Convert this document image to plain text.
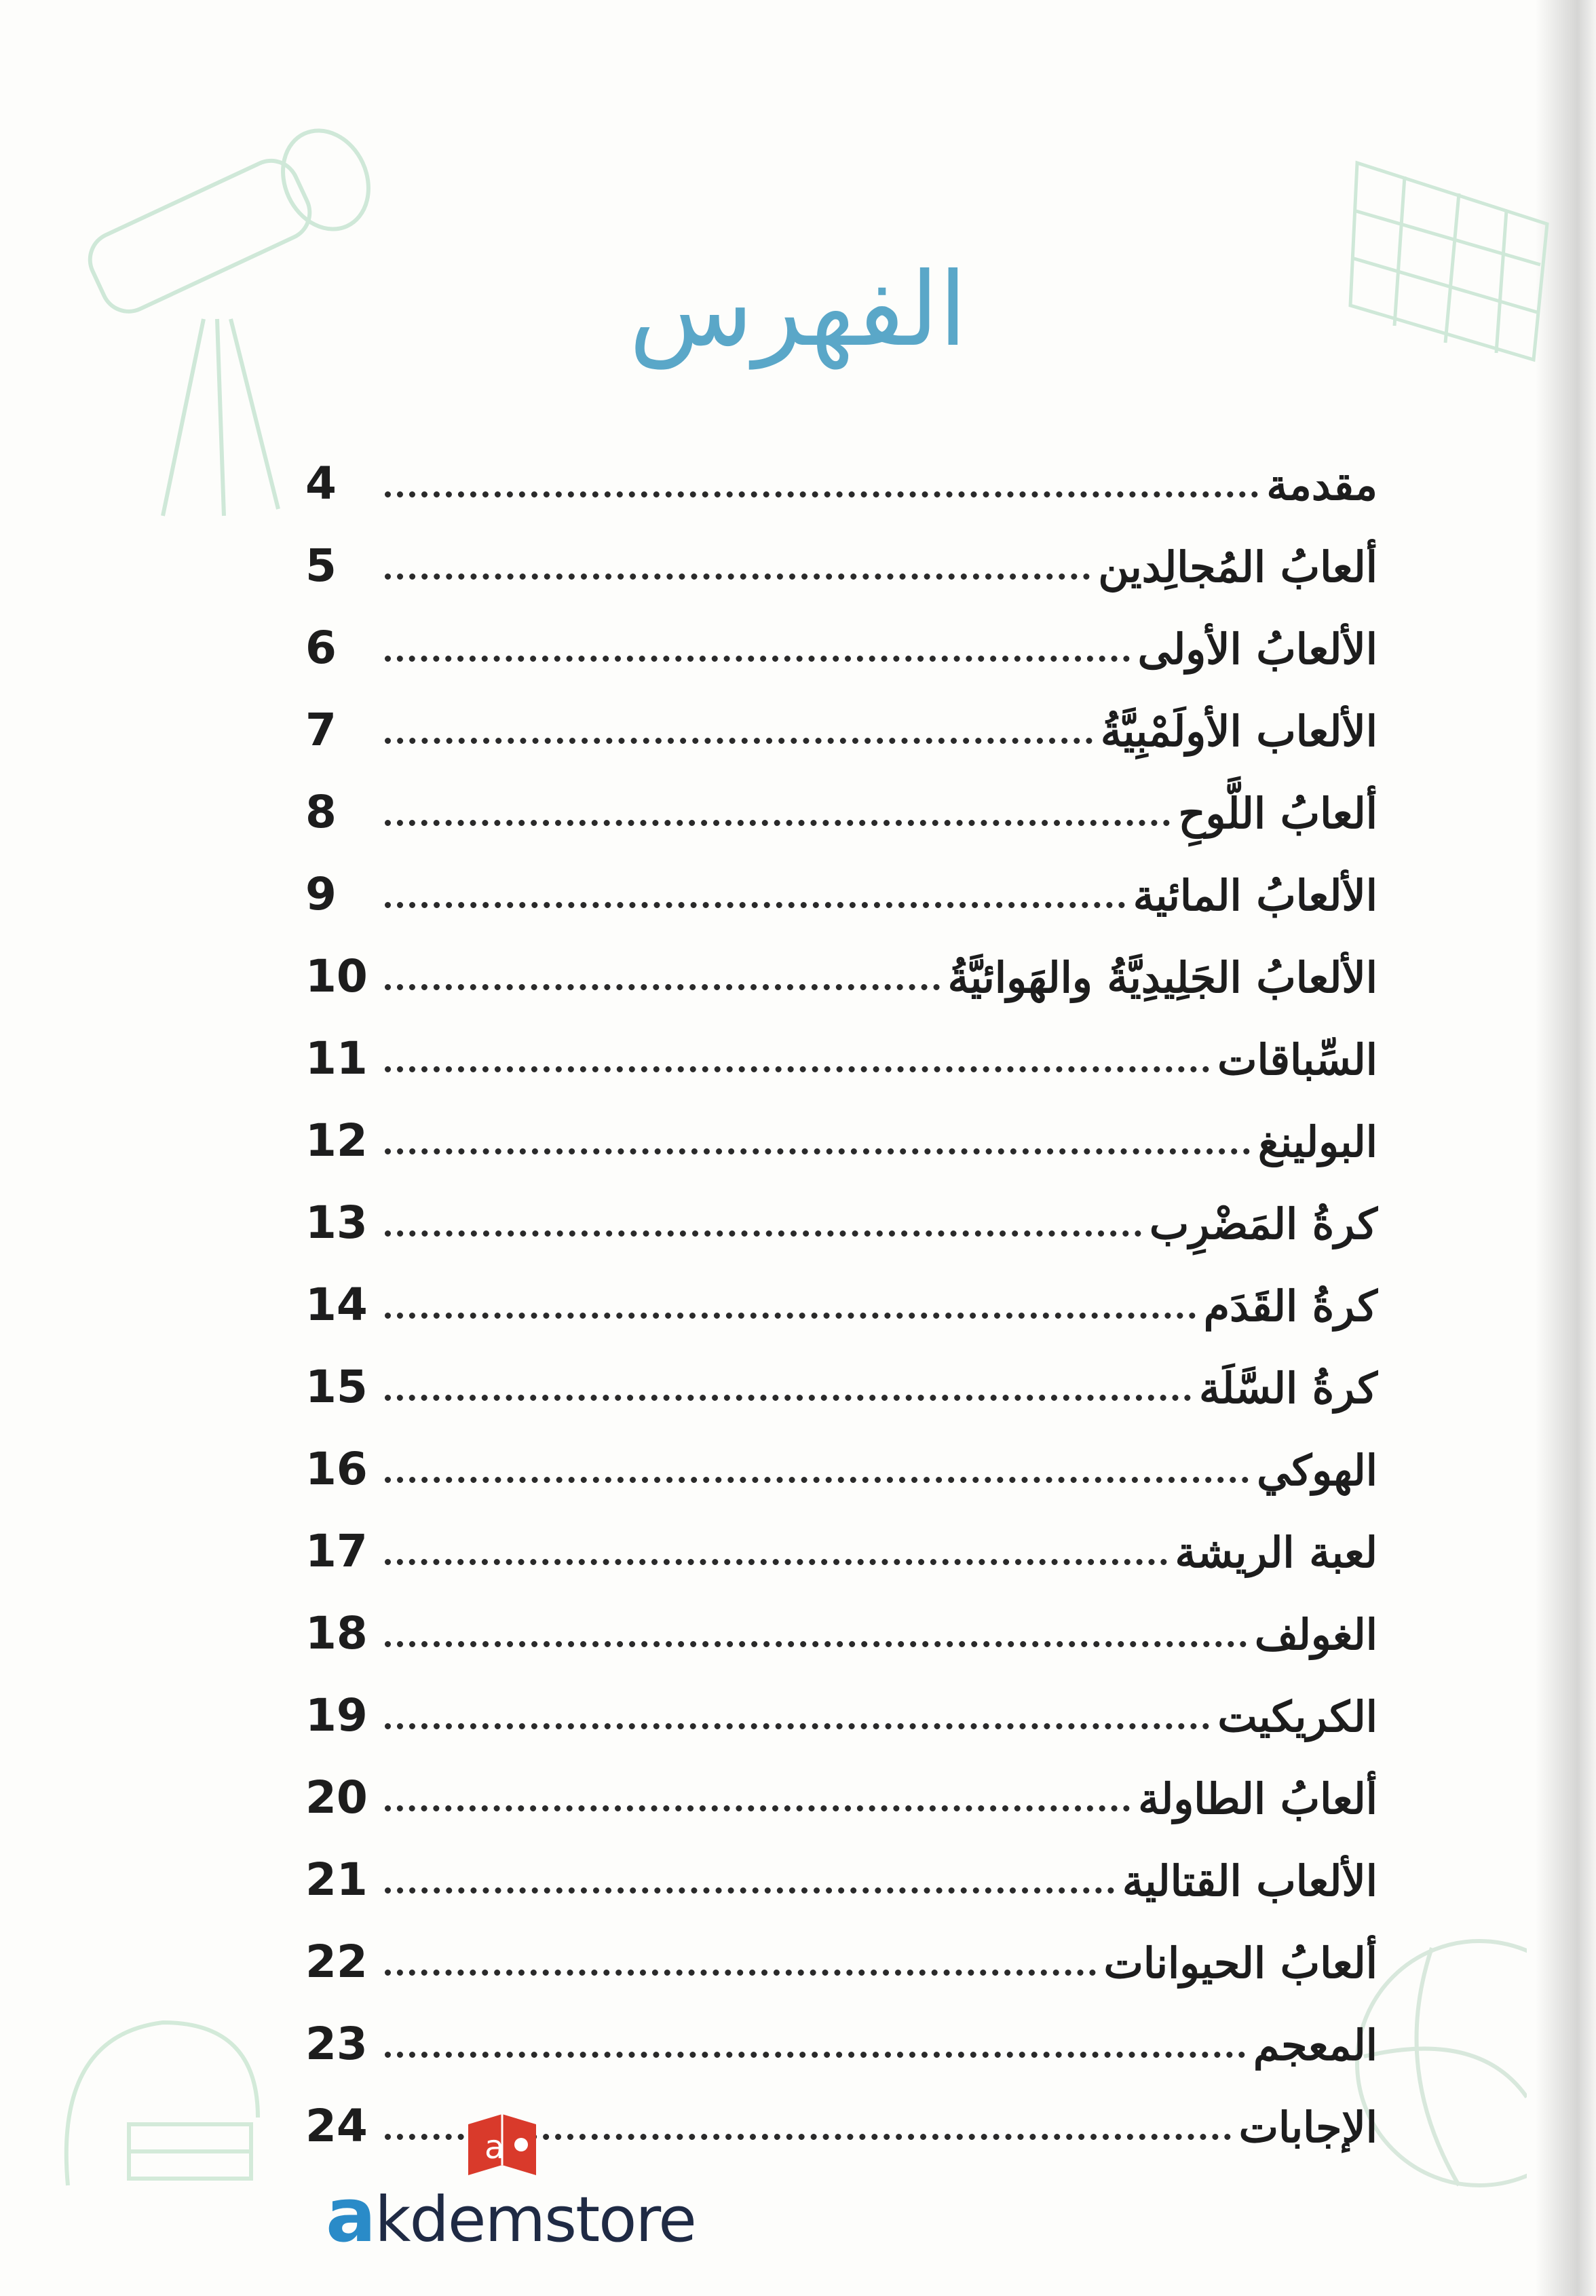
الفهرس
مقدمة
4
ألعابُ المُجالِدين
5
الألعابُ الأولى
6
الألعاب الأولَمْبِيَّةُ
7
ألعابُ اللَّوحِ
8
الألعابُ المائية
9
الألعابُ الجَلِيدِيَّةُ والهَوائيَّةُ
10
السِّباقات
11
البولينغ
12
كرةُ المَضْرِب
13
كرةُ القَدَم
14
كرةُ السَّلَة
15
الهوكي
16
لعبة الريشة
17
الغولف
18
الكريكيت
19
ألعابُ الطاولة
20
الألعاب القتالية
21
ألعابُ الحيوانات
22
المعجم
23
الإجابات
24	a
akdemstore
